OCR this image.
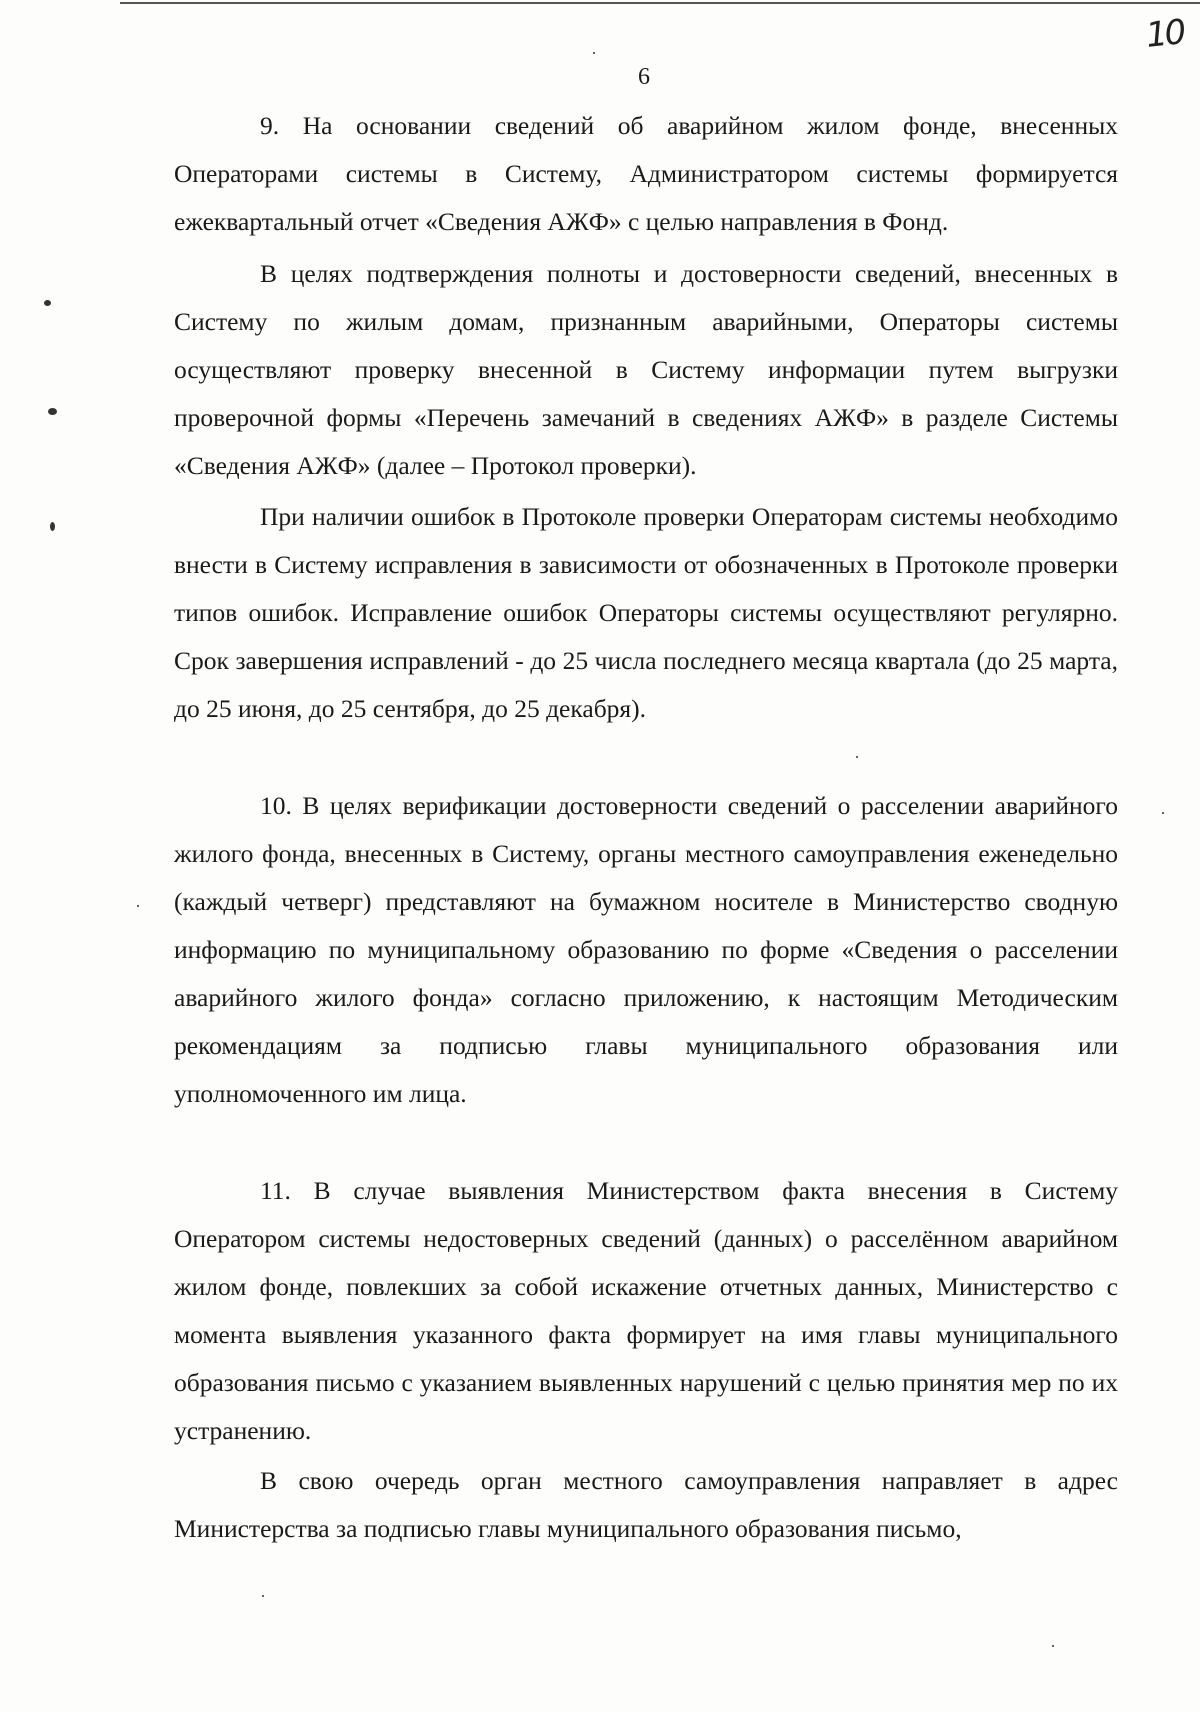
10
6

9. На основании сведений об аварийном жилом фонде, внесенных Операторами системы в Систему, Администратором системы формируется ежеквартальный отчет «Сведения АЖФ» с целью направления в Фонд.

В целях подтверждения полноты и достоверности сведений, внесенных в Систему по жилым домам, признанным аварийными, Операторы системы осуществляют проверку внесенной в Систему информации путем выгрузки проверочной формы «Перечень замечаний в сведениях АЖФ» в разделе Системы «Сведения АЖФ» (далее – Протокол проверки).

При наличии ошибок в Протоколе проверки Операторам системы необходимо внести в Систему исправления в зависимости от обозначенных в Протоколе проверки типов ошибок. Исправление ошибок Операторы системы осуществляют регулярно. Срок завершения исправлений - до 25 числа последнего месяца квартала (до 25 марта, до 25 июня, до 25 сентября, до 25 декабря).

10. В целях верификации достоверности сведений о расселении аварийного жилого фонда, внесенных в Систему, органы местного самоуправления еженедельно (каждый четверг) представляют на бумажном носителе в Министерство сводную информацию по муниципальному образованию по форме «Сведения о расселении аварийного жилого фонда» согласно приложению, к настоящим Методическим рекомендациям за подписью главы муниципального образования или уполномоченного им лица.

11. В случае выявления Министерством факта внесения в Систему Оператором системы недостоверных сведений (данных) о расселённом аварийном жилом фонде, повлекших за собой искажение отчетных данных, Министерство с момента выявления указанного факта формирует на имя главы муниципального образования письмо с указанием выявленных нарушений с целью принятия мер по их устранению.

В свою очередь орган местного самоуправления направляет в адрес Министерства за подписью главы муниципального образования письмо,
